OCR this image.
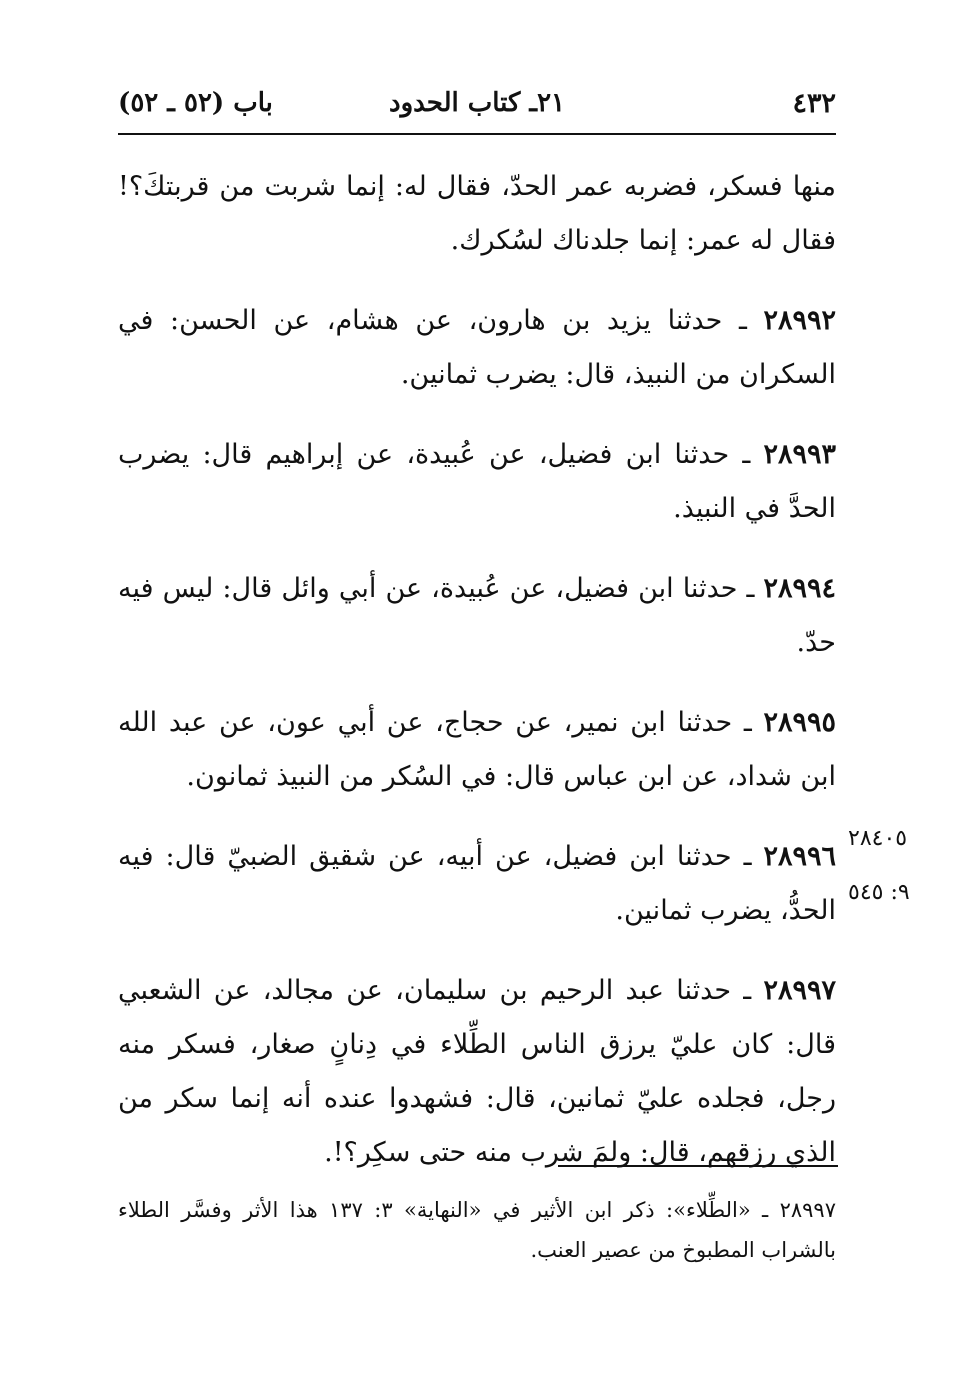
٤٣٢
٢١ـ كتاب الحدود
باب (٥٢ ـ ٥٢)

منها فسكر، فضربه عمر الحدّ، فقال له: إنما شربت من قربتكَ؟! فقال له عمر: إنما جلدناك لسُكرك.

٢٨٩٩٢ ـ حدثنا يزيد بن هارون، عن هشام، عن الحسن: في السكران من النبيذ، قال: يضرب ثمانين.

٢٨٩٩٣ ـ حدثنا ابن فضيل، عن عُبيدة، عن إبراهيم قال: يضرب الحدَّ في النبيذ.

٢٨٩٩٤ ـ حدثنا ابن فضيل، عن عُبيدة، عن أبي وائل قال: ليس فيه حدّ.

٢٨٩٩٥ ـ حدثنا ابن نمير، عن حجاج، عن أبي عون، عن عبد الله ابن شداد، عن ابن عباس قال: في السُكر من النبيذ ثمانون.

٢٨٩٩٦ ـ حدثنا ابن فضيل، عن أبيه، عن شقيق الضبيّ قال: فيه الحدُّ، يضرب ثمانين.

٢٨٩٩٧ ـ حدثنا عبد الرحيم بن سليمان، عن مجالد، عن الشعبي قال: كان عليّ يرزق الناس الطِّلاء في دِنانٍ صغار، فسكر منه رجل، فجلده عليّ ثمانين، قال: فشهدوا عنده أنه إنما سكر من الذي رزقهم، قال: ولمَ شرب منه حتى سكِر؟!.

٢٨٤٠٥
٩: ٥٤٥
٢٨٩٩٧ ـ «الطِّلاء»: ذكر ابن الأثير في «النهاية» ٣: ١٣٧ هذا الأثر وفسَّر الطلاء بالشراب المطبوخ من عصير العنب.
